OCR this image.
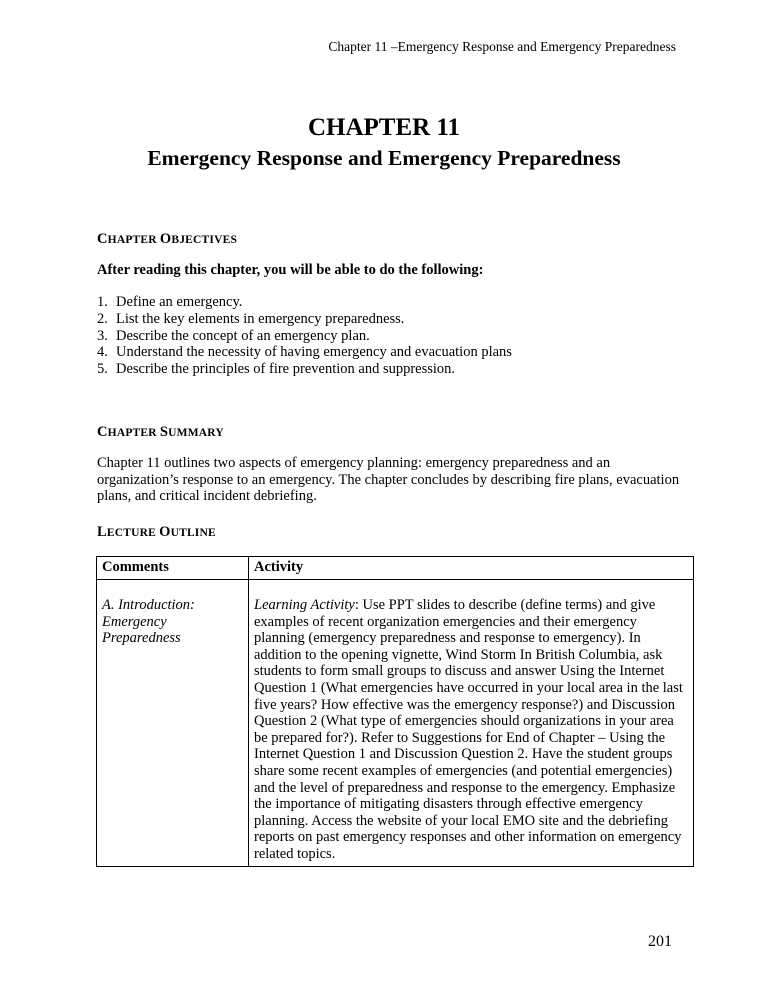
Chapter 11 –Emergency Response and Emergency Preparedness
CHAPTER 11
Emergency Response and Emergency Preparedness
CHAPTER OBJECTIVES
After reading this chapter, you will be able to do the following:
1. Define an emergency.
2. List the key elements in emergency preparedness.
3. Describe the concept of an emergency plan.
4. Understand the necessity of having emergency and evacuation plans
5. Describe the principles of fire prevention and suppression.
CHAPTER SUMMARY

Chapter 11 outlines two aspects of emergency planning: emergency preparedness and an organization’s response to an emergency. The chapter concludes by describing fire plans, evacuation plans, and critical incident debriefing.

LECTURE OUTLINE
Comments	Activity
A. Introduction: Emergency Preparedness	Learning Activity: Use PPT slides to describe (define terms) and give examples of recent organization emergencies and their emergency planning (emergency preparedness and response to emergency). In addition to the opening vignette, Wind Storm In British Columbia, ask students to form small groups to discuss and answer Using the Internet Question 1 (What emergencies have occurred in your local area in the last five years? How effective was the emergency response?) and Discussion Question 2 (What type of emergencies should organizations in your area be prepared for?). Refer to Suggestions for End of Chapter – Using the Internet Question 1 and Discussion Question 2. Have the student groups share some recent examples of emergencies (and potential emergencies) and the level of preparedness and response to the emergency. Emphasize the importance of mitigating disasters through effective emergency planning. Access the website of your local EMO site and the debriefing reports on past emergency responses and other information on emergency related topics.
201
